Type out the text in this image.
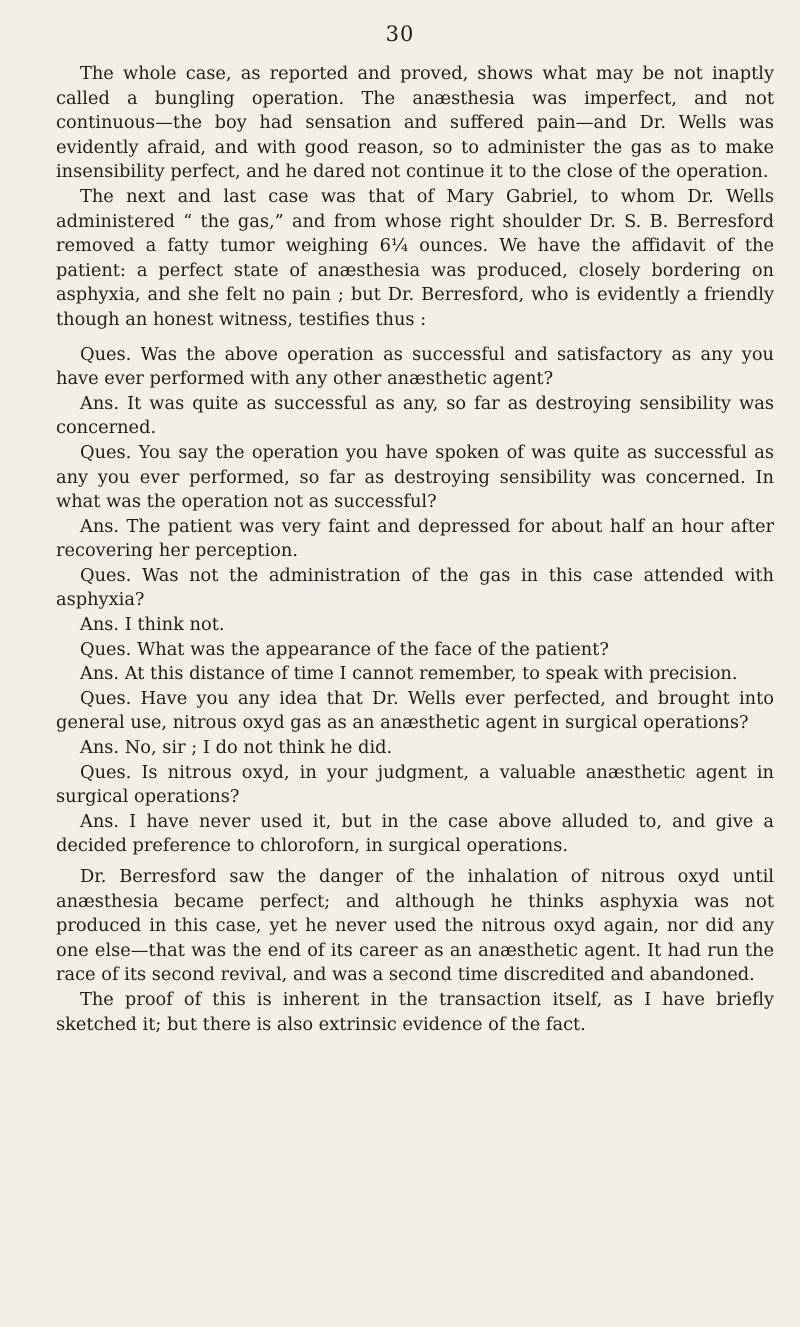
30

The whole case, as reported and proved, shows what may be not inaptly called a bungling operation. The anæsthesia was imperfect, and not continuous—the boy had sensation and suffered pain—and Dr. Wells was evidently afraid, and with good reason, so to administer the gas as to make insensibility perfect, and he dared not continue it to the close of the operation.

The next and last case was that of Mary Gabriel, to whom Dr. Wells administered “ the gas,” and from whose right shoulder Dr. S. B. Berresford removed a fatty tumor weighing 6¼ ounces. We have the affidavit of the patient: a perfect state of anæsthesia was produced, closely bordering on asphyxia, and she felt no pain ; but Dr. Berresford, who is evidently a friendly though an honest witness, testifies thus :

Ques. Was the above operation as successful and satisfactory as any you have ever performed with any other anæsthetic agent?

Ans. It was quite as successful as any, so far as destroying sensibility was concerned.

Ques. You say the operation you have spoken of was quite as successful as any you ever performed, so far as destroying sensibility was concerned. In what was the operation not as successful?

Ans. The patient was very faint and depressed for about half an hour after recovering her perception.

Ques. Was not the administration of the gas in this case attended with asphyxia?

Ans. I think not.

Ques. What was the appearance of the face of the patient?

Ans. At this distance of time I cannot remember, to speak with precision.

Ques. Have you any idea that Dr. Wells ever perfected, and brought into general use, nitrous oxyd gas as an anæsthetic agent in surgical operations?

Ans. No, sir ; I do not think he did.

Ques. Is nitrous oxyd, in your judgment, a valuable anæsthetic agent in surgical operations?

Ans. I have never used it, but in the case above alluded to, and give a decided preference to chloroforn, in surgical operations.

Dr. Berresford saw the danger of the inhalation of nitrous oxyd until anæsthesia became perfect; and although he thinks asphyxia was not produced in this case, yet he never used the nitrous oxyd again, nor did any one else—that was the end of its career as an anæsthetic agent. It had run the race of its second revival, and was a second time discredited and abandoned.

The proof of this is inherent in the transaction itself, as I have briefly sketched it; but there is also extrinsic evidence of the fact.
